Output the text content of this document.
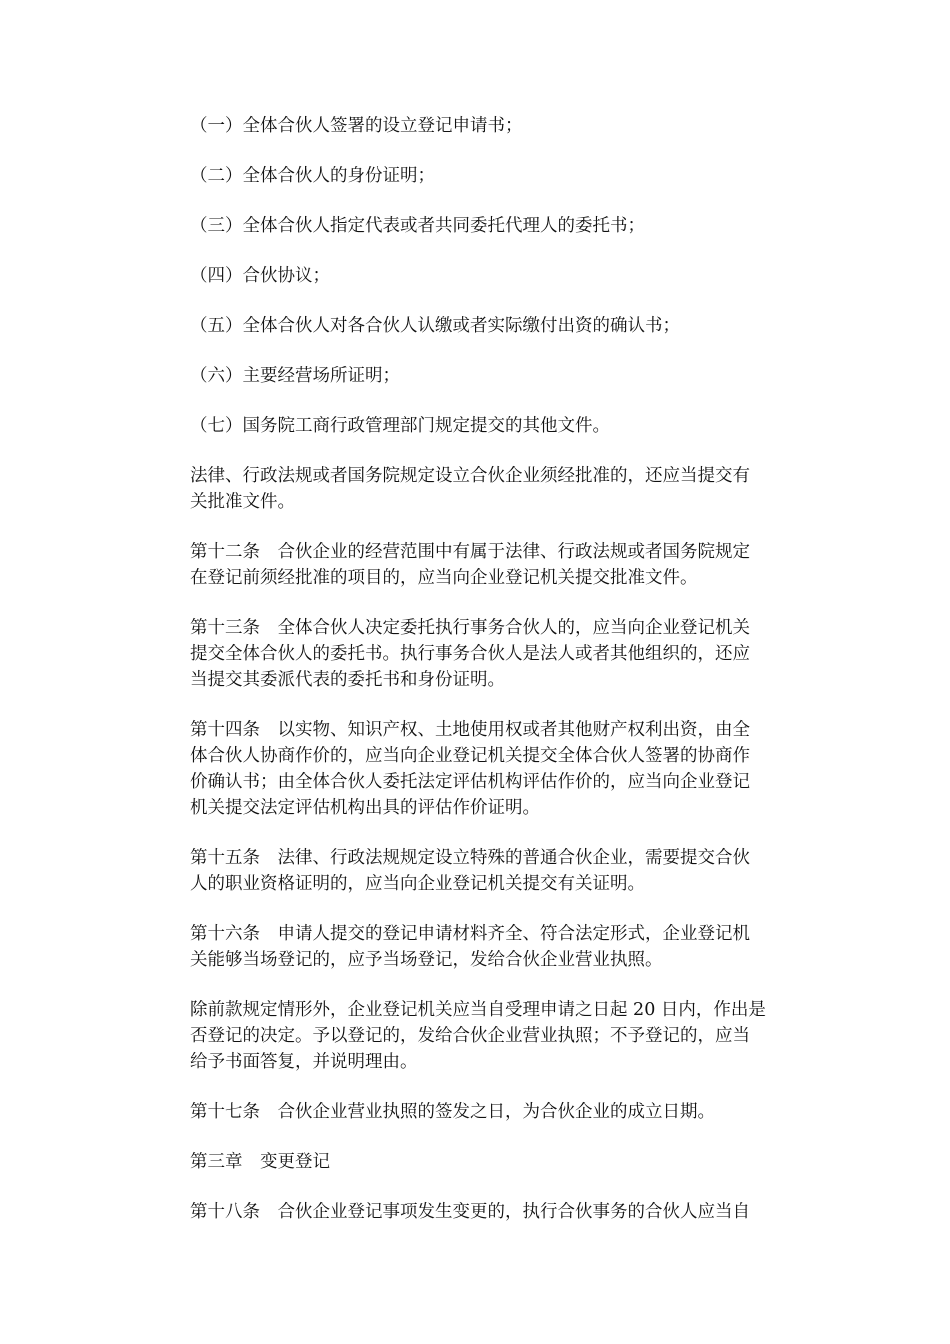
（一）全体合伙人签署的设立登记申请书；
（二）全体合伙人的身份证明；
（三）全体合伙人指定代表或者共同委托代理人的委托书；
（四）合伙协议；
（五）全体合伙人对各合伙人认缴或者实际缴付出资的确认书；
（六）主要经营场所证明；
（七）国务院工商行政管理部门规定提交的其他文件。
法律、行政法规或者国务院规定设立合伙企业须经批准的，还应当提交有
关批准文件。
第十二条　合伙企业的经营范围中有属于法律、行政法规或者国务院规定
在登记前须经批准的项目的，应当向企业登记机关提交批准文件。
第十三条　全体合伙人决定委托执行事务合伙人的，应当向企业登记机关
提交全体合伙人的委托书。执行事务合伙人是法人或者其他组织的，还应
当提交其委派代表的委托书和身份证明。
第十四条　以实物、知识产权、土地使用权或者其他财产权利出资，由全
体合伙人协商作价的，应当向企业登记机关提交全体合伙人签署的协商作
价确认书；由全体合伙人委托法定评估机构评估作价的，应当向企业登记
机关提交法定评估机构出具的评估作价证明。
第十五条　法律、行政法规规定设立特殊的普通合伙企业，需要提交合伙
人的职业资格证明的，应当向企业登记机关提交有关证明。
第十六条　申请人提交的登记申请材料齐全、符合法定形式，企业登记机
关能够当场登记的，应予当场登记，发给合伙企业营业执照。
除前款规定情形外，企业登记机关应当自受理申请之日起 20 日内，作出是
否登记的决定。予以登记的，发给合伙企业营业执照；不予登记的，应当
给予书面答复，并说明理由。
第十七条　合伙企业营业执照的签发之日，为合伙企业的成立日期。
第三章　变更登记
第十八条　合伙企业登记事项发生变更的，执行合伙事务的合伙人应当自
